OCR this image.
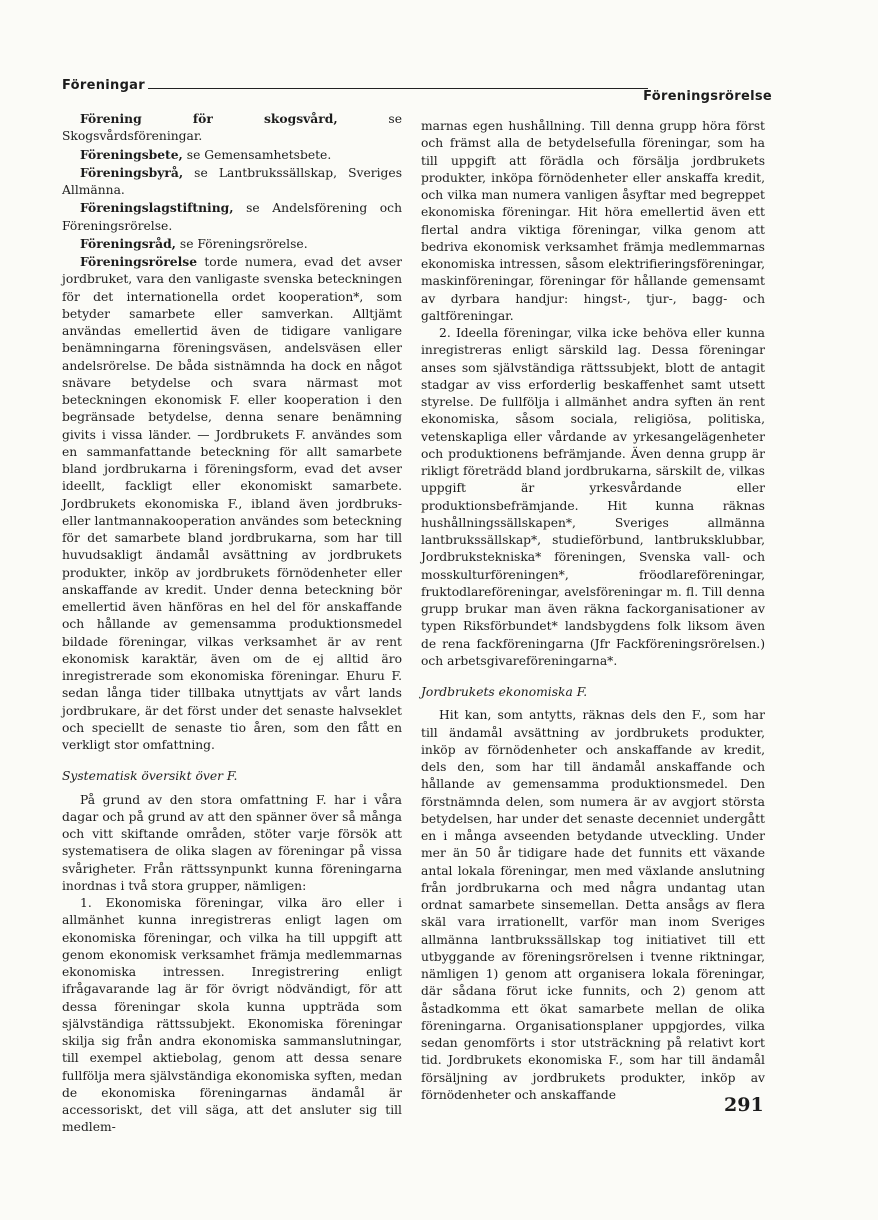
Föreningar
Föreningsrörelse

Förening för skogsvård, se Skogsvårdsföreningar.

Föreningsbete, se Gemensamhetsbete.

Föreningsbyrå, se Lantbrukssällskap, Sveriges Allmänna.

Föreningslagstiftning, se Andelsförening och Föreningsrörelse.

Föreningsråd, se Föreningsrörelse.

Föreningsrörelse torde numera, evad det avser jordbruket, vara den vanligaste svenska beteckningen för det internationella ordet kooperation*, som betyder samarbete eller samverkan. Alltjämt användas emellertid även de tidigare vanligare benämningarna föreningsväsen, andelsväsen eller andelsrörelse. De båda sistnämnda ha dock en något snävare betydelse och svara närmast mot beteckningen ekonomisk F. eller kooperation i den begränsade betydelse, denna senare benämning givits i vissa länder. — Jordbrukets F. användes som en sammanfattande beteckning för allt samarbete bland jordbrukarna i föreningsform, evad det avser ideellt, fackligt eller ekonomiskt samarbete. Jordbrukets ekonomiska F., ibland även jordbruks- eller lantmannakooperation användes som beteckning för det samarbete bland jordbrukarna, som har till huvudsakligt ändamål avsättning av jordbrukets produkter, inköp av jordbrukets förnödenheter eller anskaffande av kredit. Under denna beteckning bör emellertid även hänföras en hel del för anskaffande och hållande av gemensamma produktionsmedel bildade föreningar, vilkas verksamhet är av rent ekonomisk karaktär, även om de ej alltid äro inregistrerade som ekonomiska föreningar. Ehuru F. sedan långa tider tillbaka utnyttjats av vårt lands jordbrukare, är det först under det senaste halvseklet och speciellt de senaste tio åren, som den fått en verkligt stor omfattning.

Systematisk översikt över F.

På grund av den stora omfattning F. har i våra dagar och på grund av att den spänner över så många och vitt skiftande områden, stöter varje försök att systematisera de olika slagen av föreningar på vissa svårigheter. Från rättssynpunkt kunna föreningarna inordnas i två stora grupper, nämligen:

1. Ekonomiska föreningar, vilka äro eller i allmänhet kunna inregistreras enligt lagen om ekonomiska föreningar, och vilka ha till uppgift att genom ekonomisk verksamhet främja medlemmarnas ekonomiska intressen. Inregistrering enligt ifrågavarande lag är för övrigt nödvändigt, för att dessa föreningar skola kunna uppträda som självständiga rättssubjekt. Ekonomiska föreningar skilja sig från andra ekonomiska sammanslutningar, till exempel aktiebolag, genom att dessa senare fullfölja mera självständiga ekonomiska syften, medan de ekonomiska föreningarnas ändamål är accessoriskt, det vill säga, att det ansluter sig till medlem-

marnas egen hushållning. Till denna grupp höra först och främst alla de betydelsefulla föreningar, som ha till uppgift att förädla och försälja jordbrukets produkter, inköpa förnödenheter eller anskaffa kredit, och vilka man numera vanligen åsyftar med begreppet ekonomiska föreningar. Hit höra emellertid även ett flertal andra viktiga föreningar, vilka genom att bedriva ekonomisk verksamhet främja medlemmarnas ekonomiska intressen, såsom elektrifieringsföreningar, maskinföreningar, föreningar för hållande gemensamt av dyrbara handjur: hingst-, tjur-, bagg- och galtföreningar.

2. Ideella föreningar, vilka icke behöva eller kunna inregistreras enligt särskild lag. Dessa föreningar anses som självständiga rättssubjekt, blott de antagit stadgar av viss erforderlig beskaffenhet samt utsett styrelse. De fullfölja i allmänhet andra syften än rent ekonomiska, såsom sociala, religiösa, politiska, vetenskapliga eller vårdande av yrkesangelägenheter och produktionens befrämjande. Även denna grupp är rikligt företrädd bland jordbrukarna, särskilt de, vilkas uppgift är yrkesvårdande eller produktionsbefrämjande. Hit kunna räknas hushållningssällskapen*, Sveriges allmänna lantbrukssällskap*, studieförbund, lantbruksklubbar, Jordbrukstekniska* föreningen, Svenska vall- och mosskulturföreningen*, fröodlareföreningar, fruktodlareföreningar, avelsföreningar m. fl. Till denna grupp brukar man även räkna fackorganisationer av typen Riksförbundet* landsbygdens folk liksom även de rena fackföreningarna (Jfr Fackföreningsrörelsen.) och arbetsgivareföreningarna*.

Jordbrukets ekonomiska F.

Hit kan, som antytts, räknas dels den F., som har till ändamål avsättning av jordbrukets produkter, inköp av förnödenheter och anskaffande av kredit, dels den, som har till ändamål anskaffande och hållande av gemensamma produktionsmedel. Den förstnämnda delen, som numera är av avgjort största betydelsen, har under det senaste decenniet undergått en i många avseenden betydande utveckling. Under mer än 50 år tidigare hade det funnits ett växande antal lokala föreningar, men med växlande anslutning från jordbrukarna och med några undantag utan ordnat samarbete sinsemellan. Detta ansågs av flera skäl vara irrationellt, varför man inom Sveriges allmänna lantbrukssällskap tog initiativet till ett utbyggande av föreningsrörelsen i tvenne riktningar, nämligen 1) genom att organisera lokala föreningar, där sådana förut icke funnits, och 2) genom att åstadkomma ett ökat samarbete mellan de olika föreningarna. Organisationsplaner uppgjordes, vilka sedan genomförts i stor utsträckning på relativt kort tid. Jordbrukets ekonomiska F., som har till ändamål försäljning av jordbrukets produkter, inköp av förnödenheter och anskaffande	291
